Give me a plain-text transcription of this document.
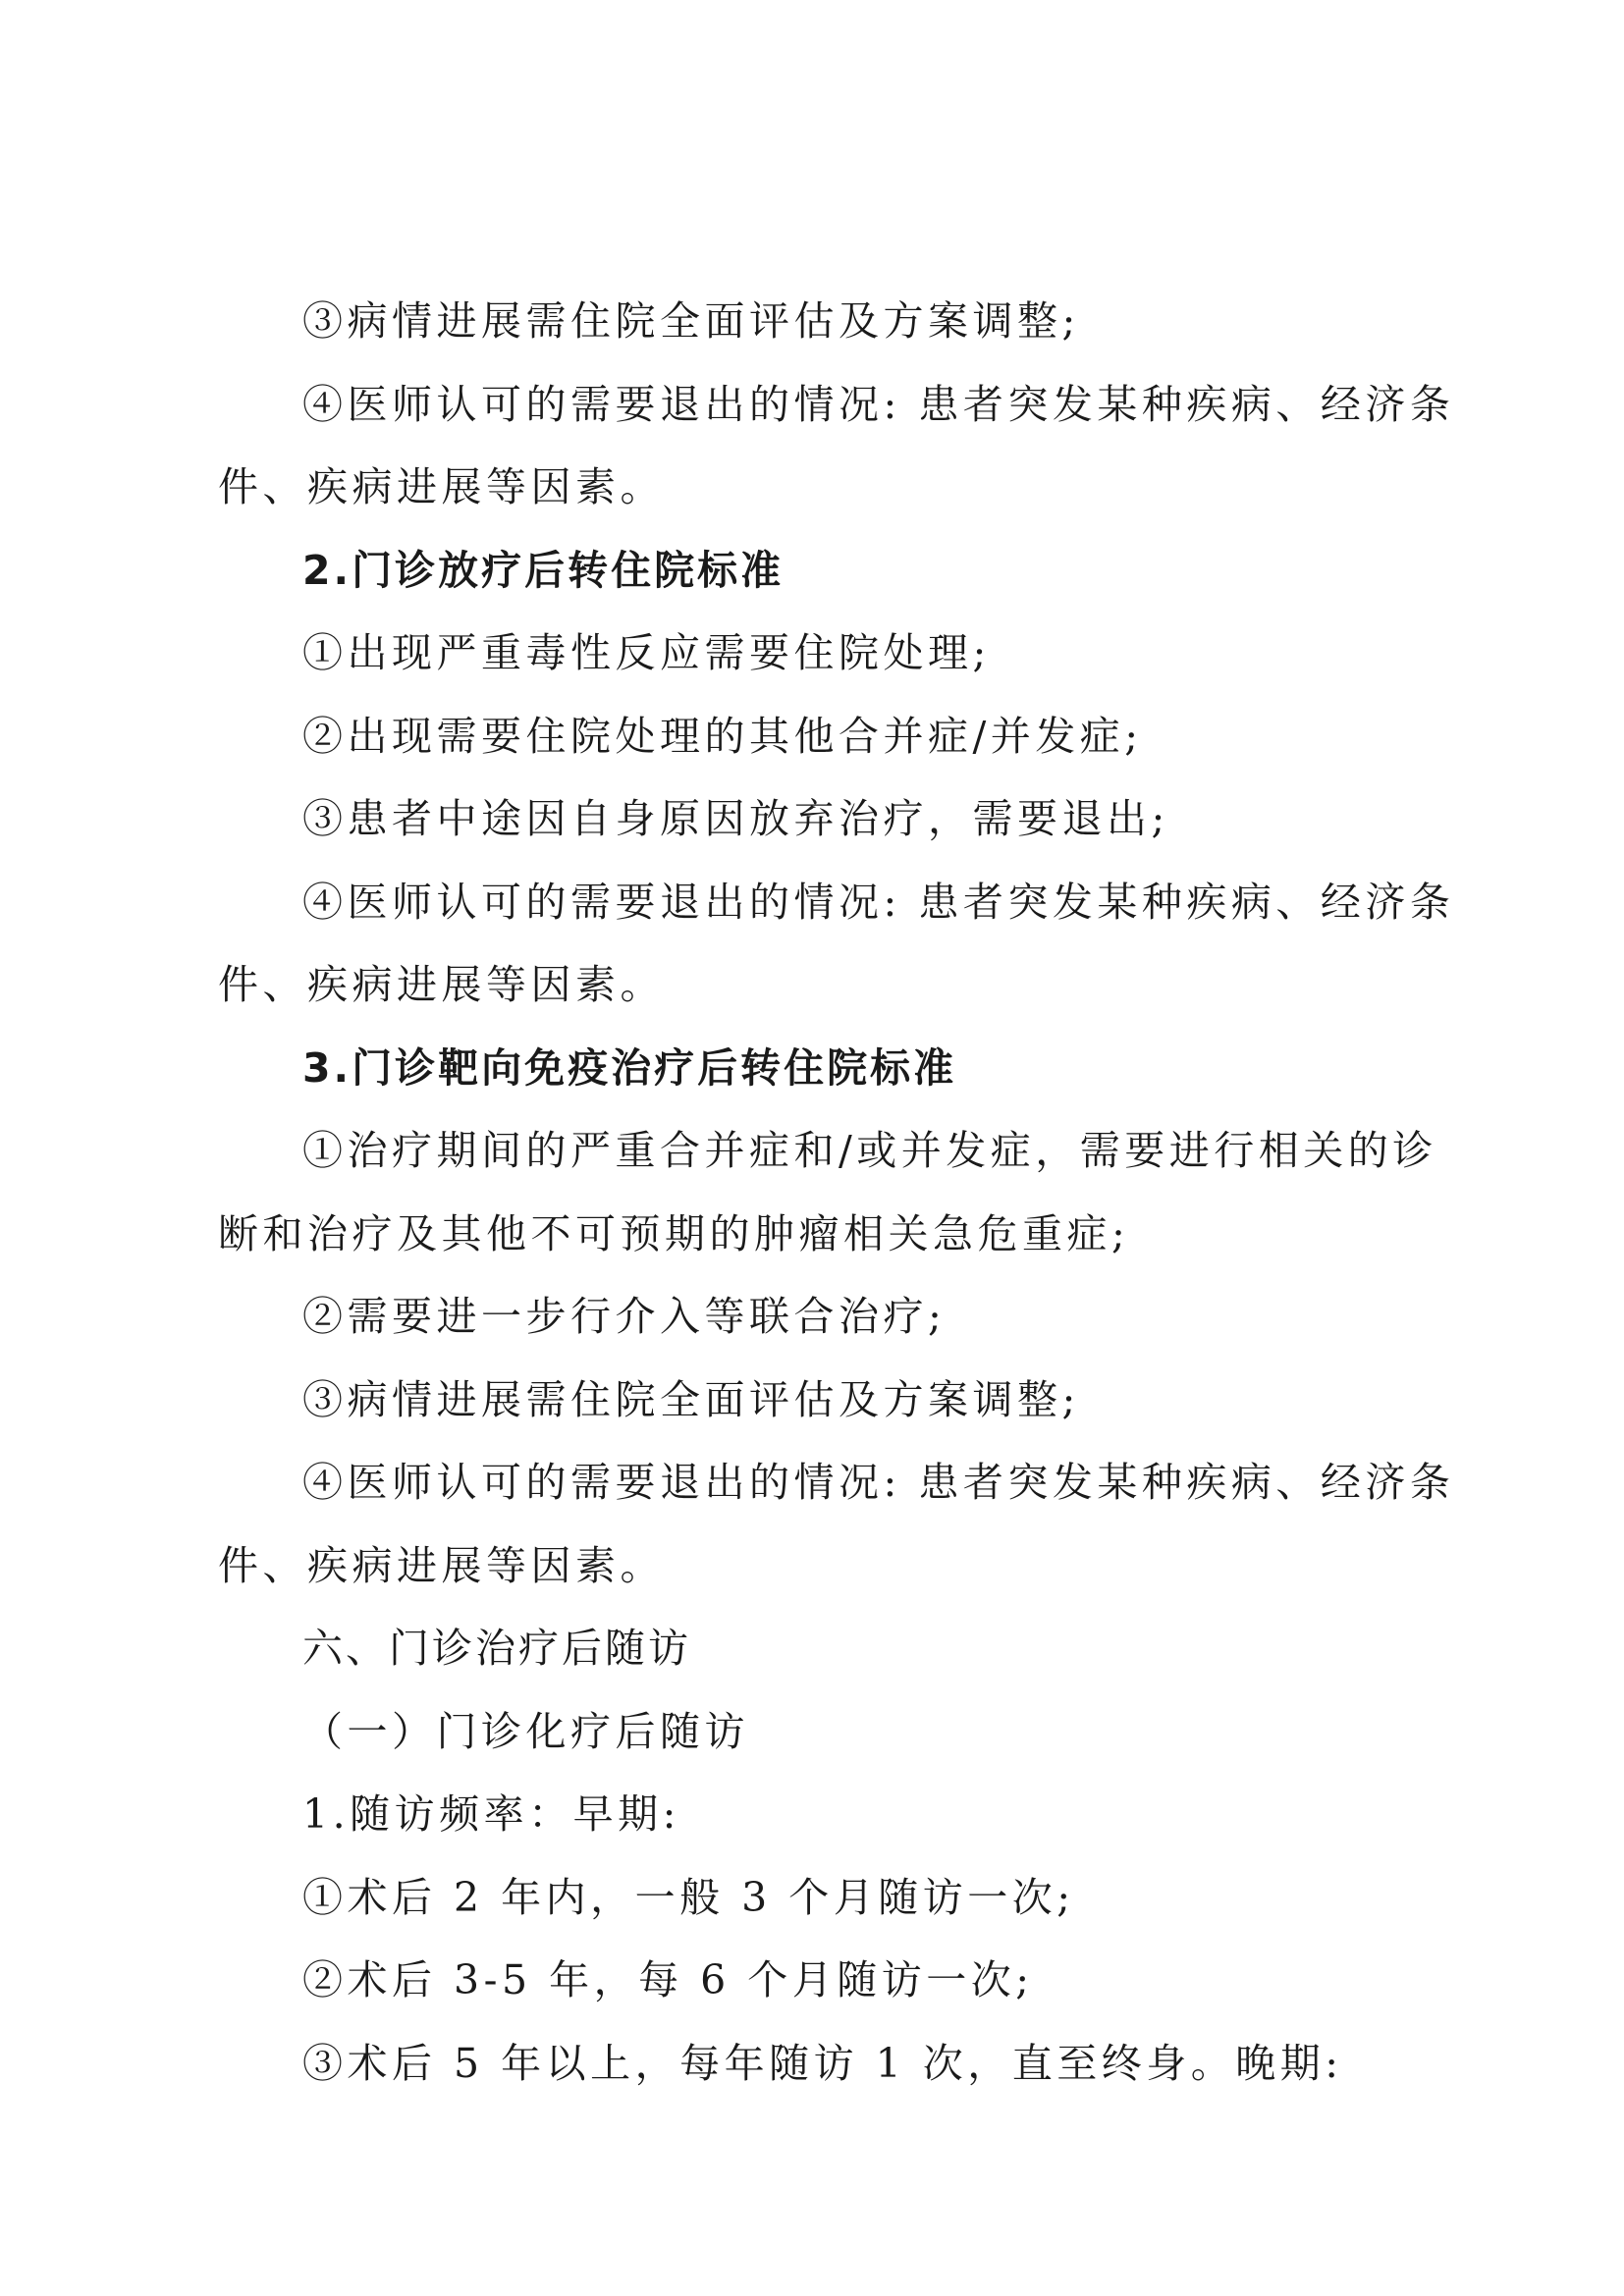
③病情进展需住院全面评估及方案调整;
④医师认可的需要退出的情况: 患者突发某种疾病、经济条
件、疾病进展等因素。
2.门诊放疗后转住院标准
①出现严重毒性反应需要住院处理;
②出现需要住院处理的其他合并症/并发症;
③患者中途因自身原因放弃治疗，需要退出;
④医师认可的需要退出的情况: 患者突发某种疾病、经济条
件、疾病进展等因素。
3.门诊靶向免疫治疗后转住院标准
①治疗期间的严重合并症和/或并发症，需要进行相关的诊
断和治疗及其他不可预期的肿瘤相关急危重症;
②需要进一步行介入等联合治疗;
③病情进展需住院全面评估及方案调整;
④医师认可的需要退出的情况: 患者突发某种疾病、经济条
件、疾病进展等因素。
六、门诊治疗后随访
（一）门诊化疗后随访
1.随访频率：早期:
①术后 2 年内，一般 3 个月随访一次;
②术后 3-5 年，每 6 个月随访一次;
③术后 5 年以上，每年随访 1 次，直至终身。晚期:
